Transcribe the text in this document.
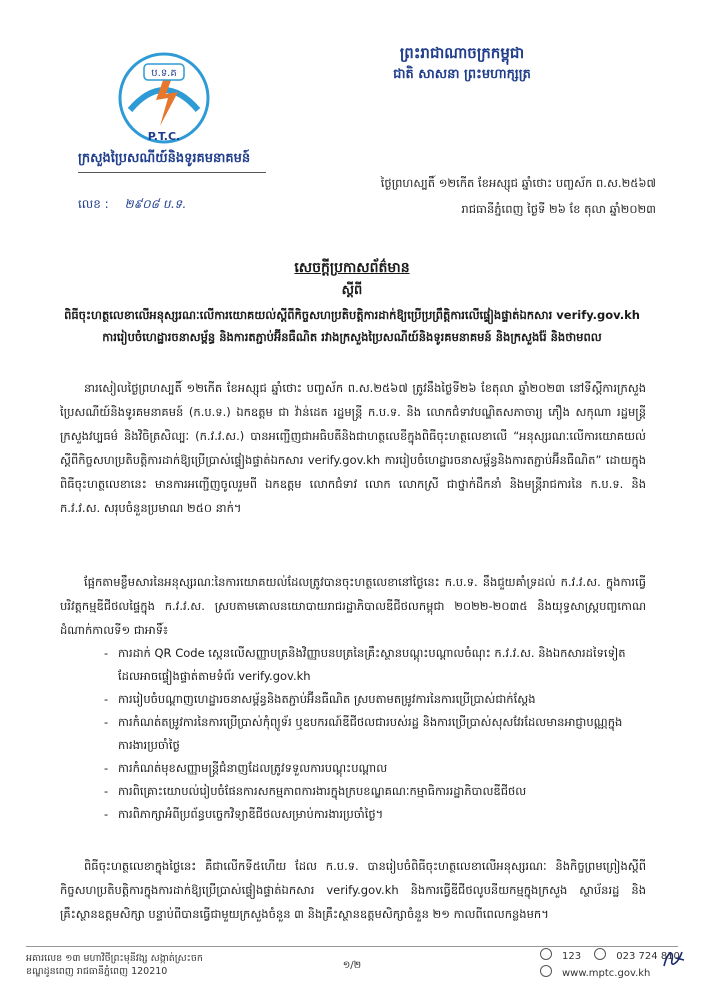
ប.ទ.គ
P.T.C.
ព្រះរាជាណាចក្រកម្ពុជា
ជាតិ សាសនា ព្រះមហាក្សត្រ
ក្រសួងប្រៃសណីយ៍និងទូរគមនាគមន៍
លេខ : ២៩០៨ ប.ទ.
ថ្ងៃព្រហស្បតិ៍ ១២កើត ខែអស្សុជ ឆ្នាំថោះ បញ្ចស័ក ព.ស.២៥៦៧
រាជធានីភ្នំពេញ ថ្ងៃទី ២៦ ខែ តុលា ឆ្នាំ២០២៣
សេចក្តីប្រកាសព័ត៌មាន
ស្តីពី
ពិធីចុះហត្ថលេខាលើអនុស្សរណៈលើការយោគយល់ស្តីពីកិច្ចសហប្រតិបត្តិការដាក់ឱ្យប្រើប្រព្រឹត្តិការលើផ្ទៀងផ្ទាត់ឯកសារ verify.gov.kh ការរៀបចំហេដ្ឋារចនាសម្ព័ន្ធ និងការតភ្ជាប់អ៊ីនធឺណិត រវាងក្រសួងប្រៃសណីយ៍និងទូរគមនាគមន៍ និងក្រសួងរ៉ែ និងថាមពល
នារសៀលថ្ងៃព្រហស្បតិ៍ ១២កើត ខែអស្សុជ ឆ្នាំថោះ បញ្ចស័ក ព.ស.២៥៦៧ ត្រូវនឹងថ្ងៃទី២៦ ខែតុលា ឆ្នាំ២០២៣ នៅទីស្តីការក្រសួងប្រៃសណីយ៍និងទូរគមនាគមន៍ (ក.ប.ទ.) ឯកឧត្តម ជា វ៉ាន់ដេត រដ្ឋមន្ត្រី ក.ប.ទ. និង លោកជំទាវបណ្ឌិតសភាចារ្យ ភឿង សកុណា រដ្ឋមន្ត្រីក្រសួងវប្បធម៌ និងវិចិត្រសិល្បៈ (ក.វ.វ.ស.) បានអញ្ជើញជាអធិបតីនិងជាហត្ថលេខីក្នុងពិធីចុះហត្ថលេខាលើ “អនុស្សរណៈលើការយោគយល់ស្តីពីកិច្ចសហប្រតិបត្តិការដាក់ឱ្យប្រើប្រាស់ផ្ទៀងផ្ទាត់ឯកសារ verify.gov.kh ការរៀបចំហេដ្ឋារចនាសម្ព័ន្ធនិងការតភ្ជាប់អ៊ីនធឺណិត” ដោយក្នុងពិធីចុះហត្ថលេខានេះ មានការអញ្ជើញចូលរួមពី ឯកឧត្តម លោកជំទាវ លោក លោកស្រី ជាថ្នាក់ដឹកនាំ និងមន្ត្រីរាជការនៃ ក.ប.ទ. និង ក.វ.វ.ស. សរុបចំនួនប្រមាណ ២៥០ នាក់។
ផ្អែកតាមខ្លឹមសារនៃអនុស្សរណៈនៃការយោគយល់ដែលត្រូវបានចុះហត្ថលេខានៅថ្ងៃនេះ ក.ប.ទ. នឹងជួយគាំទ្រដល់ ក.វ.វ.ស. ក្នុងការធ្វើបរិវត្តកម្មឌីជីថលផ្ទៃក្នុង ក.វ.វ.ស. ស្របតាមគោលនយោបាយរាជរដ្ឋាភិបាលឌីជីថលកម្ពុជា ២០២២-២០៣៥ និងយុទ្ធសាស្ត្របញ្ចកោណ ដំណាក់កាលទី១ ជាអាទិ៍៖
- ការដាក់ QR Code ស្កេនលើសញ្ញាបត្រនិងវិញ្ញាបនបត្រនៃគ្រឹះស្ថានបណ្តុះបណ្តាលចំណុះ ក.វ.វ.ស. និងឯកសារដទៃទៀត ដែលអាចផ្ទៀងផ្ទាត់តាមទំព័រ verify.gov.kh
- ការរៀបចំបណ្តាញហេដ្ឋារចនាសម្ព័ន្ធនិងតភ្ជាប់អ៊ីនធឺណិត ស្របតាមតម្រូវការនៃការប្រើប្រាស់ជាក់ស្តែង
- ការកំណត់តម្រូវការនៃការប្រើប្រាស់កុំព្យូទ័រ ឬឧបករណ៍ឌីជីថលជារបស់រដ្ឋ និងការប្រើប្រាស់សុសវែរដែលមានអាជ្ញាបណ្ណក្នុងការងារប្រចាំថ្ងៃ
- ការកំណត់មុខសញ្ញាមន្ត្រីជំនាញដែលត្រូវទទួលការបណ្តុះបណ្តាល
- ការពិគ្រោះយោបល់រៀបចំផែនការសកម្មភាពការងារក្នុងក្របខណ្ឌគណៈកម្មាធិការរដ្ឋាភិបាលឌីជីថល
- ការពិភាក្សាអំពីប្រព័ន្ធបច្ចេកវិទ្យាឌីជីថលសម្រាប់ការងារប្រចាំថ្ងៃ។
ពិធីចុះហត្ថលេខាក្នុងថ្ងៃនេះ គឺជាលើកទី៥ហើយ ដែល ក.ប.ទ. បានរៀបចំពិធីចុះហត្ថលេខាលើអនុស្សរណៈ និងកិច្ចព្រមព្រៀងស្តីពីកិច្ចសហប្រតិបត្តិការក្នុងការដាក់ឱ្យប្រើប្រាស់ផ្ទៀងផ្ទាត់ឯកសារ verify.gov.kh និងការធ្វើឌីជីថលូបនីយកម្មក្នុងក្រសួង ស្ថាប័នរដ្ឋ និងគ្រឹះស្ថានឧត្តមសិក្សា បន្ទាប់ពីបានធ្វើជាមួយក្រសួងចំនួន ៣ និងគ្រឹះស្ថានឧត្តមសិក្សាចំនួន ២១ កាលពីពេលកន្លងមក។
អគារលេខ ១៣ មហាវិថីព្រះមុនីវង្ស សង្កាត់ស្រះចក
ខណ្ឌដូនពេញ រាជធានីភ្នំពេញ 120210
១/២
123	023 724 810
www.mptc.gov.kh
